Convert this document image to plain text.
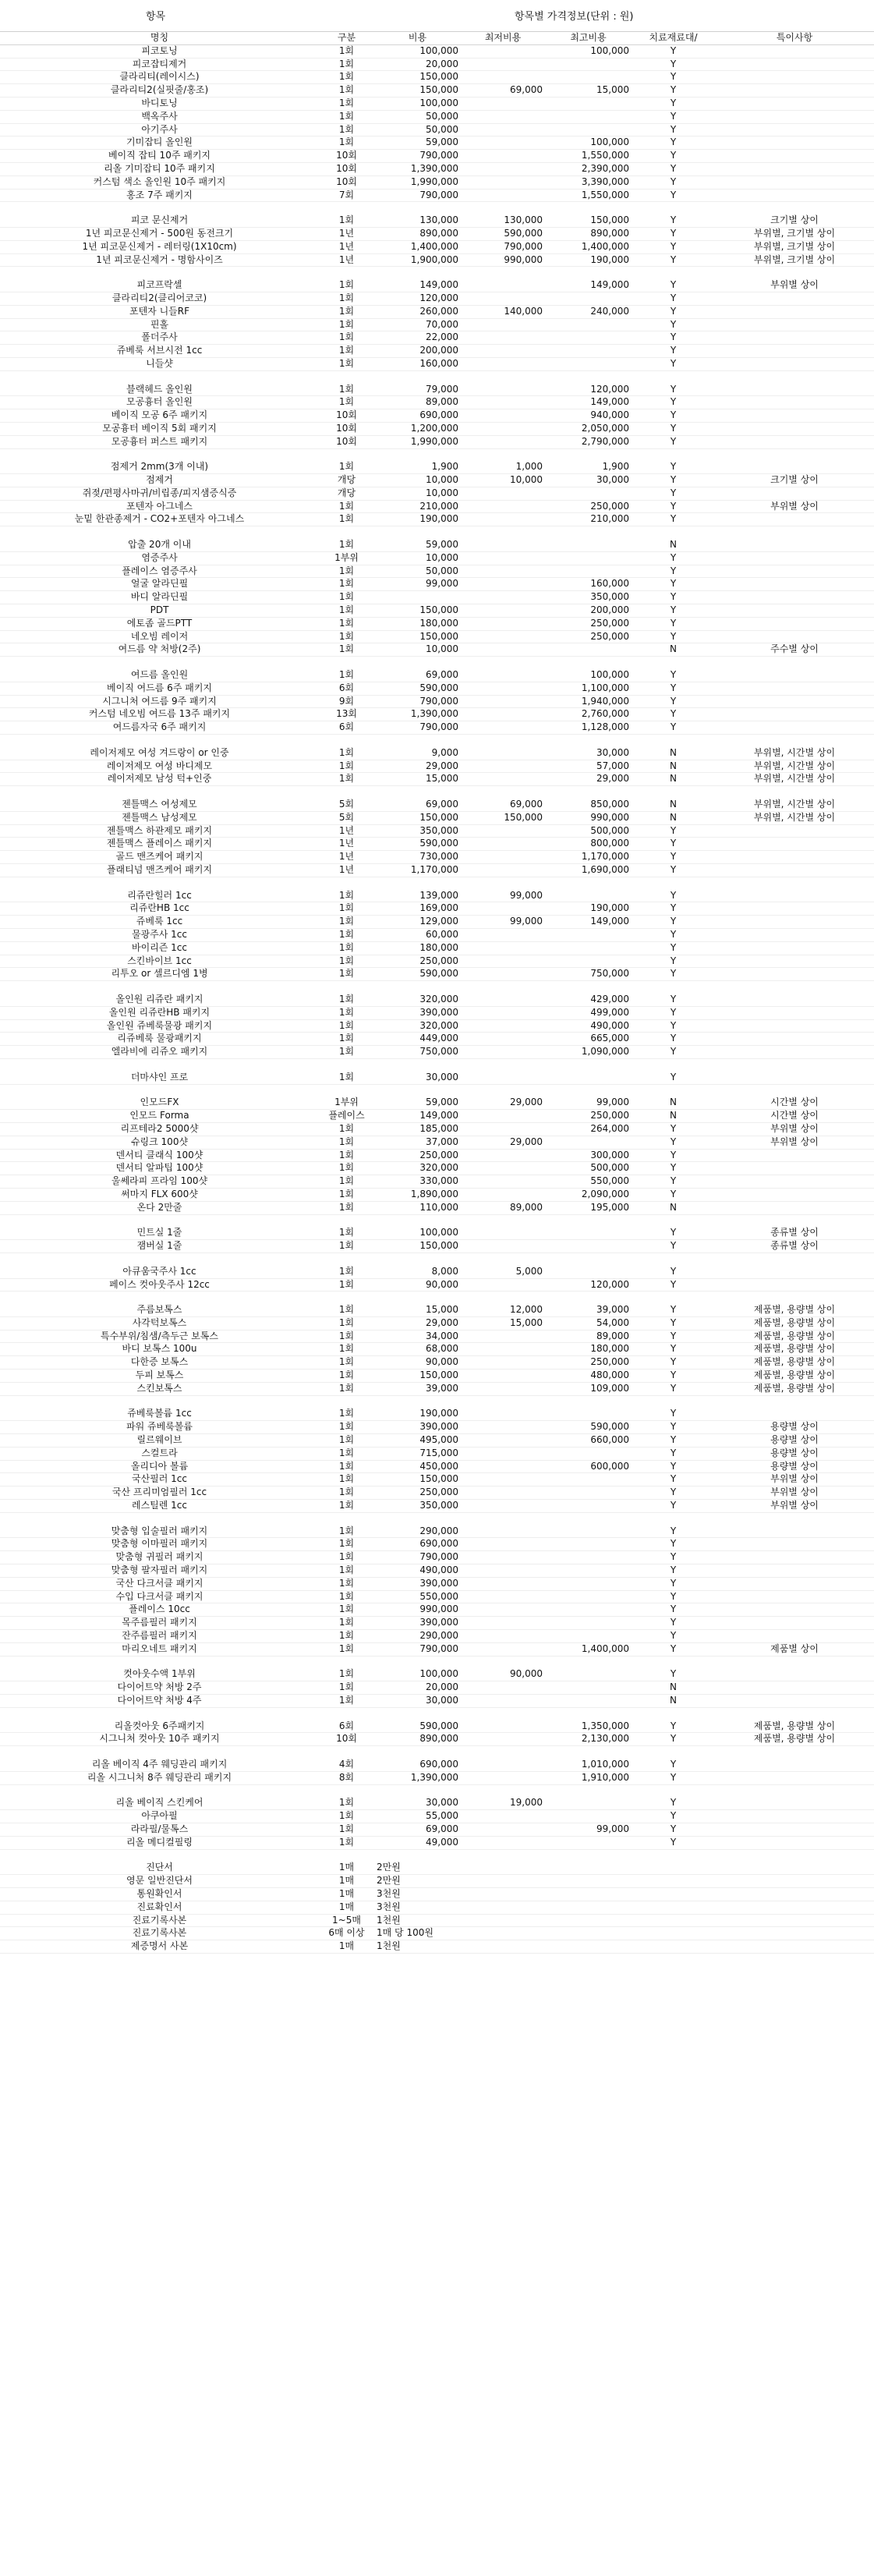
항목	항목별 가격정보(단위 : 원)
명칭	구분	비용	최저비용	최고비용	치료재료대/	특이사항
피코토닝	1회	100,000		100,000	Y	
피코잡티제거	1회	20,000			Y	
클라리티(레이시스)	1회	150,000			Y	
클라리티2(실핏줄/홍조)	1회	150,000	69,000	15,000	Y	
바디토닝	1회	100,000			Y	
백옥주사	1회	50,000			Y	
아기주사	1회	50,000			Y	
기미잡티 올인원	1회	59,000		100,000	Y	
베이직 잡티 10주 패키지	10회	790,000		1,550,000	Y	
리올 기미잡티 10주 패키지	10회	1,390,000		2,390,000	Y	
커스텀 색소 올인원 10주 패키지	10회	1,990,000		3,390,000	Y	
홍조 7주 패키지	7회	790,000		1,550,000	Y	

피코 문신제거	1회	130,000	130,000	150,000	Y	크기별 상이
1년 피코문신제거 - 500원 동전크기	1년	890,000	590,000	890,000	Y	부위별, 크기별 상이
1년 피코문신제거 - 레터링(1X10cm)	1년	1,400,000	790,000	1,400,000	Y	부위별, 크기별 상이
1년 피코문신제거 - 명함사이즈	1년	1,900,000	990,000	190,000	Y	부위별, 크기별 상이

피코프락셀	1회	149,000		149,000	Y	부위별 상이
클라리티2(클리어코코)	1회	120,000			Y	
포텐자 니들RF	1회	260,000	140,000	240,000	Y	
핀홀	1회	70,000			Y	
폴더주사	1회	22,000			Y	
쥬베룩 서브시전 1cc	1회	200,000			Y	
니들샷	1회	160,000			Y	

블랙헤드 올인원	1회	79,000		120,000	Y	
모공흉터 올인원	1회	89,000		149,000	Y	
베이직 모공 6주 패키지	10회	690,000		940,000	Y	
모공흉터 베이직 5회 패키지	10회	1,200,000		2,050,000	Y	
모공흉터 퍼스트 패키지	10회	1,990,000		2,790,000	Y	

점제거 2mm(3개 이내)	1회	1,900	1,000	1,900	Y	
점제거	개당	10,000	10,000	30,000	Y	크기별 상이
쥐젖/편평사마귀/비립종/피지샘증식증	개당	10,000			Y	
포텐자 아그네스	1회	210,000		250,000	Y	부위별 상이
눈밑 한관종제거 - CO2+포텐자 아그네스	1회	190,000		210,000	Y	

압출 20개 이내	1회	59,000			N	
염증주사	1부위	10,000			Y	
플레이스 염증주사	1회	50,000			Y	
얼굴 알라딘필	1회	99,000		160,000	Y	
바디 알라딘필	1회			350,000	Y	
PDT	1회	150,000		200,000	Y	
에토좀 골드PTT	1회	180,000		250,000	Y	
네오빔 레이저	1회	150,000		250,000	Y	
여드름 약 처방(2주)	1회	10,000			N	주수별 상이

여드름 올인원	1회	69,000		100,000	Y	
베이직 여드름 6주 패키지	6회	590,000		1,100,000	Y	
시그니처 여드름 9주 패키지	9회	790,000		1,940,000	Y	
커스텀 네오빔 여드름 13주 패키지	13회	1,390,000		2,760,000	Y	
여드름자국 6주 패키지	6회	790,000		1,128,000	Y	

레이저제모 여성 겨드랑이 or 인중	1회	9,000		30,000	N	부위별, 시간별 상이
레이저제모 여성 바디제모	1회	29,000		57,000	N	부위별, 시간별 상이
레이저제모 남성 턱+인중	1회	15,000		29,000	N	부위별, 시간별 상이

젠틀맥스 여성제모	5회	69,000	69,000	850,000	N	부위별, 시간별 상이
젠틀맥스 남성제모	5회	150,000	150,000	990,000	N	부위별, 시간별 상이
젠틀맥스 하관제모 패키지	1년	350,000		500,000	Y	
젠틀맥스 플레이스 패키지	1년	590,000		800,000	Y	
골드 맨즈케어 패키지	1년	730,000		1,170,000	Y	
플래티넘 맨즈케어 패키지	1년	1,170,000		1,690,000	Y	

리쥬란힐러 1cc	1회	139,000	99,000		Y	
리쥬란HB 1cc	1회	169,000		190,000	Y	
쥬베룩 1cc	1회	129,000	99,000	149,000	Y	
물광주사 1cc	1회	60,000			Y	
바이리즌 1cc	1회	180,000			Y	
스킨바이브 1cc	1회	250,000			Y	
리투오 or 셀르디엠 1병	1회	590,000		750,000	Y	

올인원 리쥬란 패키지	1회	320,000		429,000	Y	
올인원 리쥬란HB 패키지	1회	390,000		499,000	Y	
올인원 쥬베룩물광 패키지	1회	320,000		490,000	Y	
리쥬베룩 물광패키지	1회	449,000		665,000	Y	
엘라비에 리쥬오 패키지	1회	750,000		1,090,000	Y	

더마샤인 프로	1회	30,000			Y	

인모드FX	1부위	59,000	29,000	99,000	N	시간별 상이
인모드 Forma	플레이스	149,000		250,000	N	시간별 상이
리프테라2 5000샷	1회	185,000		264,000	Y	부위별 상이
슈링크 100샷	1회	37,000	29,000		Y	부위별 상이
덴서티 클래식 100샷	1회	250,000		300,000	Y	
덴서티 알파팁 100샷	1회	320,000		500,000	Y	
울쎄라피 프라임 100샷	1회	330,000		550,000	Y	
써마지 FLX 600샷	1회	1,890,000		2,090,000	Y	
온다 2만줄	1회	110,000	89,000	195,000	N	

민트실 1줄	1회	100,000			Y	종류별 상이
잼버실 1줄	1회	150,000			Y	종류별 상이

아큐움국주사 1cc	1회	8,000	5,000		Y	
페이스 컷아웃주사 12cc	1회	90,000		120,000	Y	

주름보톡스	1회	15,000	12,000	39,000	Y	제품별, 용량별 상이
사각턱보톡스	1회	29,000	15,000	54,000	Y	제품별, 용량별 상이
특수부위/침샘/측두근 보톡스	1회	34,000		89,000	Y	제품별, 용량별 상이
바디 보톡스 100u	1회	68,000		180,000	Y	제품별, 용량별 상이
다한증 보톡스	1회	90,000		250,000	Y	제품별, 용량별 상이
두피 보톡스	1회	150,000		480,000	Y	제품별, 용량별 상이
스킨보톡스	1회	39,000		109,000	Y	제품별, 용량별 상이

쥬베룩볼륨 1cc	1회	190,000			Y	
파워 쥬베룩볼륨	1회	390,000		590,000	Y	용량별 상이
릴르웨이브	1회	495,000		660,000	Y	용량별 상이
스컬트라	1회	715,000			Y	용량별 상이
올리디아 볼륨	1회	450,000		600,000	Y	용량별 상이
국산필러 1cc	1회	150,000			Y	부위별 상이
국산 프리미엄필러 1cc	1회	250,000			Y	부위별 상이
레스틸렌 1cc	1회	350,000			Y	부위별 상이

맞춤형 입술필러 패키지	1회	290,000			Y	
맞춤형 이마필러 패키지	1회	690,000			Y	
맞춤형 귀필러 패키지	1회	790,000			Y	
맞춤형 팔자필러 패키지	1회	490,000			Y	
국산 다크서클 패키지	1회	390,000			Y	
수입 다크서클 패키지	1회	550,000			Y	
플레이스 10cc	1회	990,000			Y	
목주름필러 패키지	1회	390,000			Y	
잔주름필러 패키지	1회	290,000			Y	
마리오네트 패키지	1회	790,000		1,400,000	Y	제품별 상이

컷아웃수액 1부위	1회	100,000	90,000		Y	
다이어트약 처방 2주	1회	20,000			N	
다이어트약 처방 4주	1회	30,000			N	

리올컷아웃 6주패키지	6회	590,000		1,350,000	Y	제품별, 용량별 상이
시그니처 컷아웃 10주 패키지	10회	890,000		2,130,000	Y	제품별, 용량별 상이

리올 베이직 4주 웨딩관리 패키지	4회	690,000		1,010,000	Y	
리올 시그니처 8주 웨딩관리 패키지	8회	1,390,000		1,910,000	Y	

리올 베이직 스킨케어	1회	30,000	19,000		Y	
아쿠아필	1회	55,000			Y	
라라필/물톡스	1회	69,000		99,000	Y	
리올 메디컬필링	1회	49,000			Y	

진단서	1매	2만원				
영문 일반진단서	1매	2만원				
통원확인서	1매	3천원				
진료확인서	1매	3천원				
진료기록사본	1~5매	1천원				
진료기록사본	6매 이상	1매 당 100원				
제증명서 사본	1매	1천원				
